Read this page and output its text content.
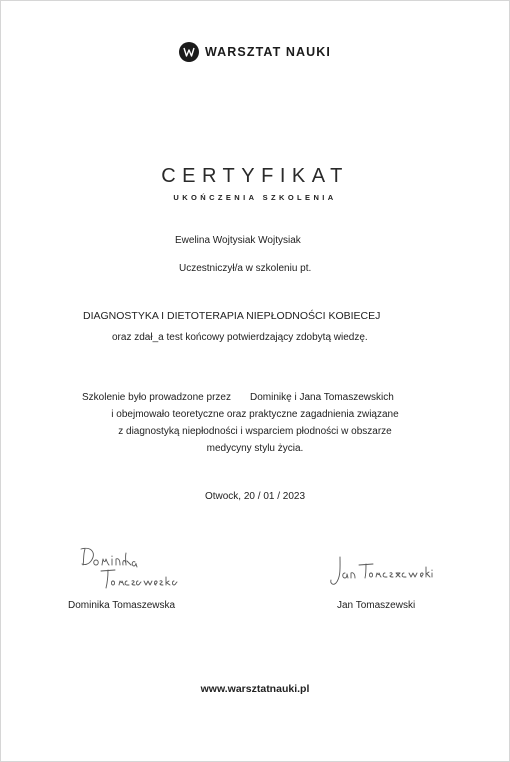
WARSZTAT NAUKI
CERTYFIKAT
UKOŃCZENIA SZKOLENIA
Ewelina Wojtysiak Wojtysiak
Uczestniczył/a w szkoleniu pt.
DIAGNOSTYKA I DIETOTERAPIA NIEPŁODNOŚCI KOBIECEJ
oraz zdał_a test końcowy potwierdzający zdobytą wiedzę.
Szkolenie było prowadzone przez Dominikę i Jana Tomaszewskich
i obejmowało teoretyczne oraz praktyczne zagadnienia związane
z diagnostyką niepłodności i wsparciem płodności w obszarze
medycyny stylu życia.
Otwock, 20 / 01 / 2023
Dominika Tomaszewska	Jan Tomaszewski
www.warsztatnauki.pl
